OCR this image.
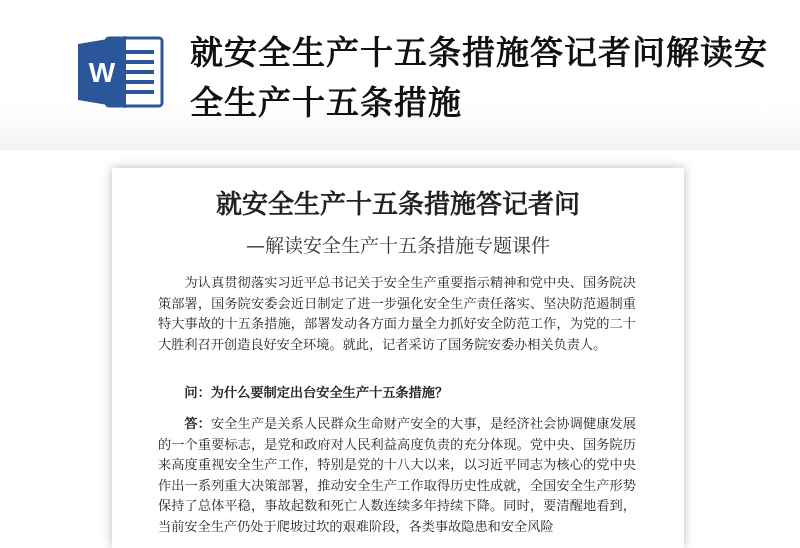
W
就安全生产十五条措施答记者问解读安全生产十五条措施
就安全生产十五条措施答记者问
—解读安全生产十五条措施专题课件

为认真贯彻落实习近平总书记关于安全生产重要指示精神和党中央、国务院决策部署，国务院安委会近日制定了进一步强化安全生产责任落实、坚决防范遏制重特大事故的十五条措施，部署发动各方面力量全力抓好安全防范工作，为党的二十大胜利召开创造良好安全环境。就此，记者采访了国务院安委办相关负责人。

问：为什么要制定出台安全生产十五条措施？

答：安全生产是关系人民群众生命财产安全的大事，是经济社会协调健康发展的一个重要标志，是党和政府对人民利益高度负责的充分体现。党中央、国务院历来高度重视安全生产工作，特别是党的十八大以来，以习近平同志为核心的党中央作出一系列重大决策部署，推动安全生产工作取得历史性成就，全国安全生产形势保持了总体平稳，事故起数和死亡人数连续多年持续下降。同时，要清醒地看到，当前安全生产仍处于爬坡过坎的艰难阶段，各类事故隐患和安全风险
